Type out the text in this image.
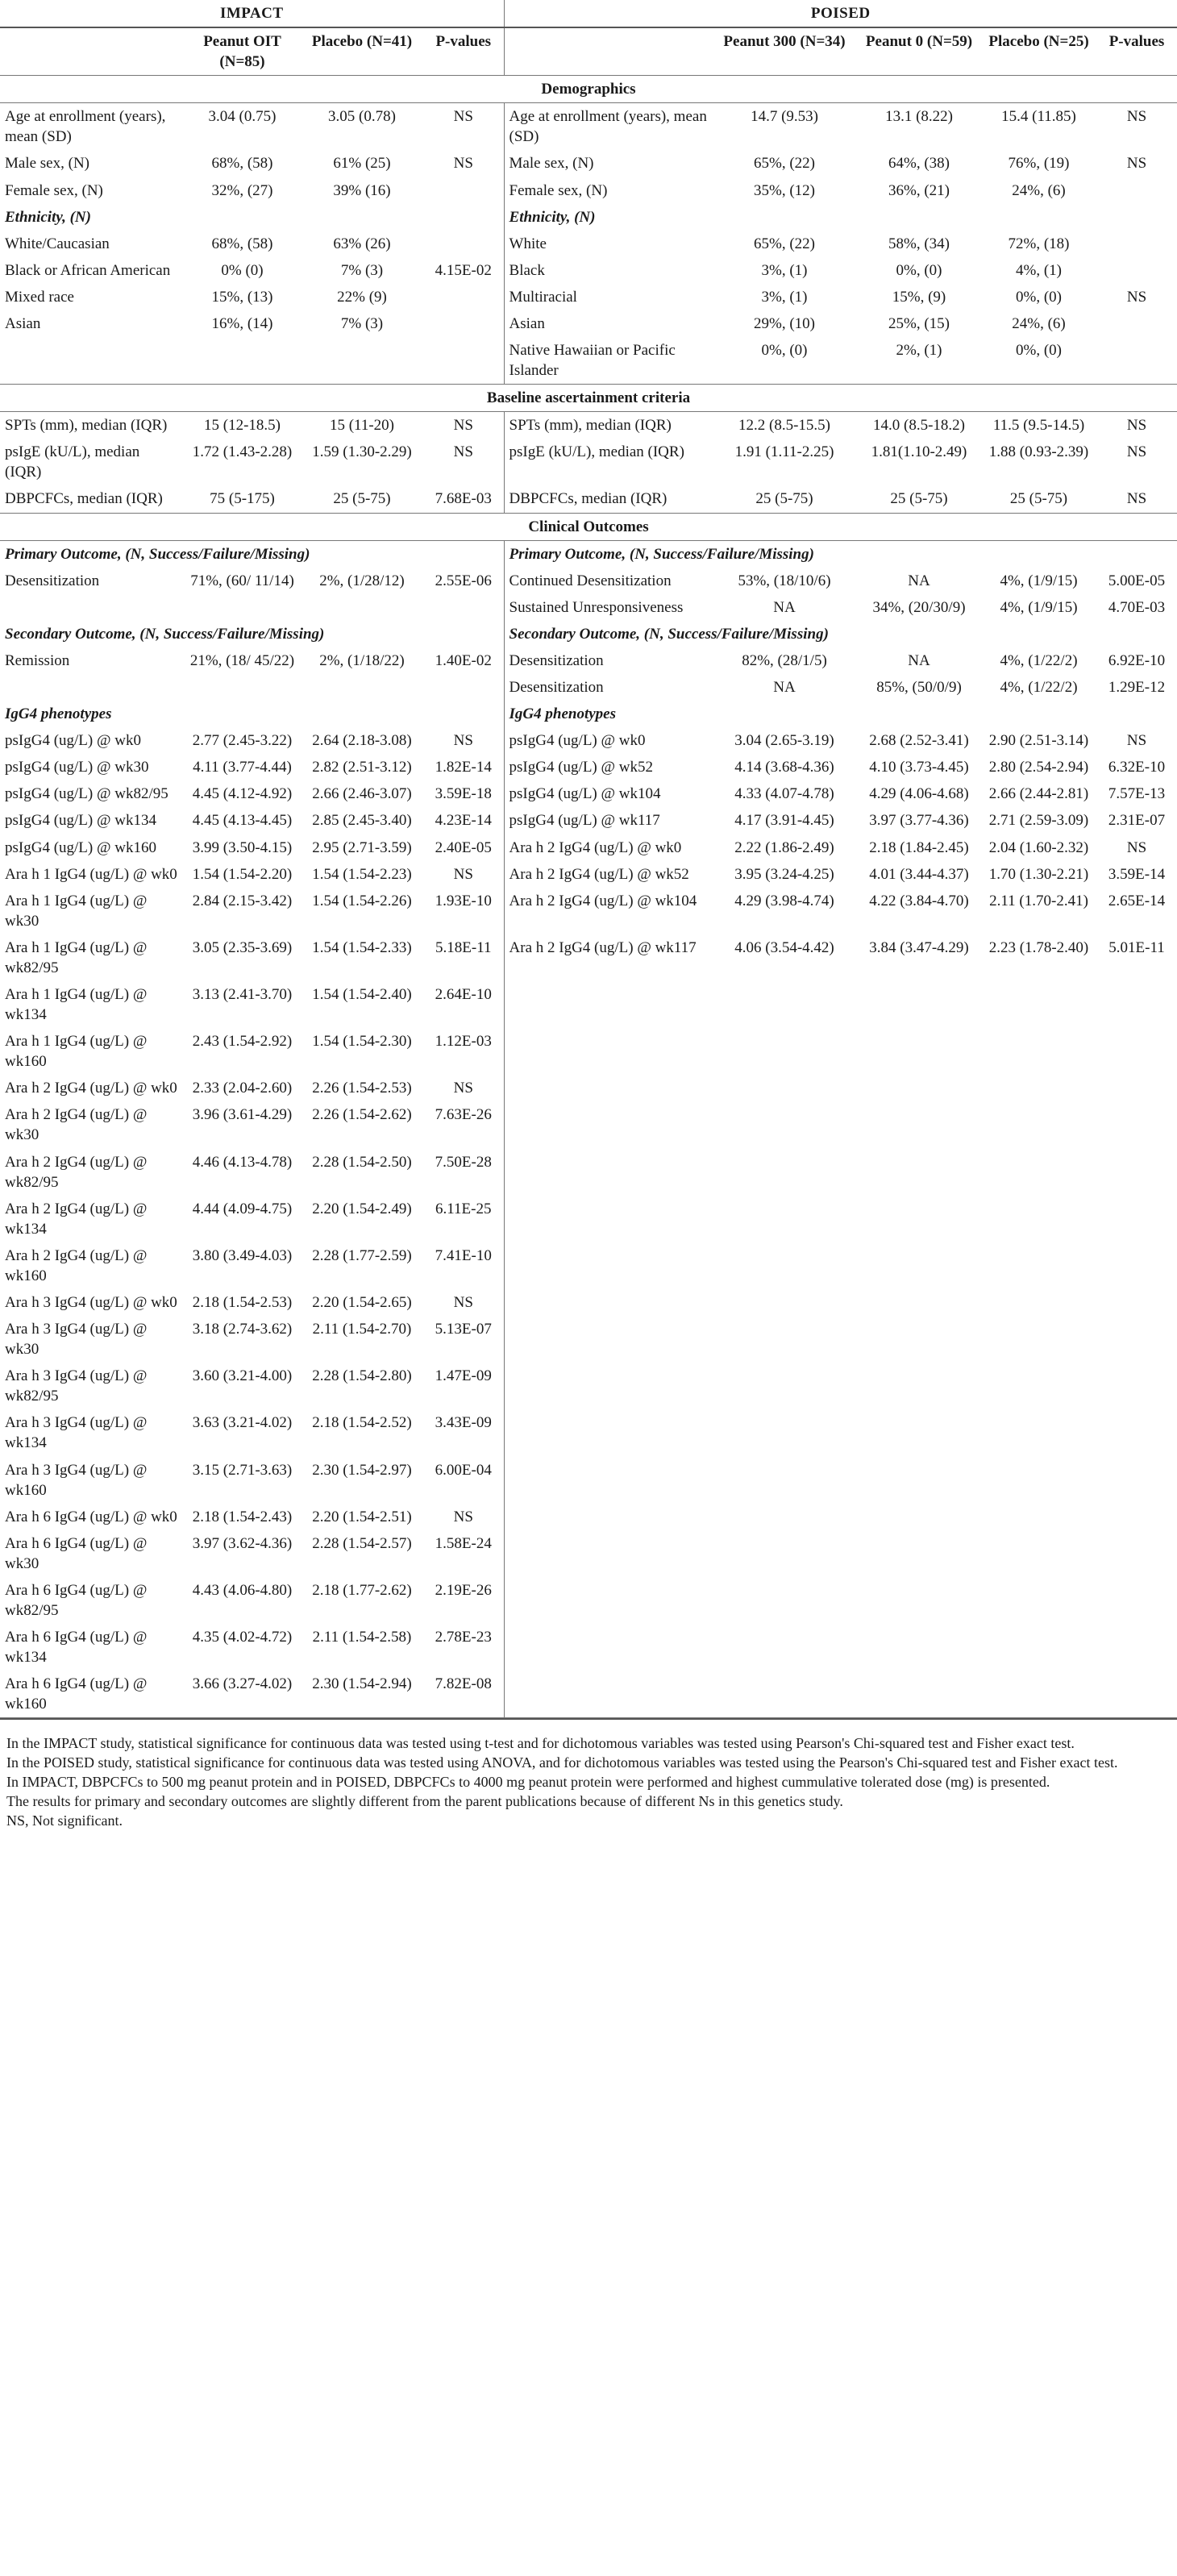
IMPACT				POISED				
	Peanut OIT (N=85)	Placebo (N=41)	P-values		Peanut 300 (N=34)	Peanut 0 (N=59)	Placebo (N=25)	P-values
Demographics								
Age at enrollment (years), mean (SD)	3.04 (0.75)	3.05 (0.78)	NS	Age at enrollment (years), mean (SD)	14.7 (9.53)	13.1 (8.22)	15.4 (11.85)	NS
Male sex, (N)	68%, (58)	61% (25)	NS	Male sex, (N)	65%, (22)	64%, (38)	76%, (19)	NS
Female sex, (N)	32%, (27)	39% (16)		Female sex, (N)	35%, (12)	36%, (21)	24%, (6)	
Ethnicity, (N)				Ethnicity, (N)				
White/Caucasian	68%, (58)	63% (26)		White	65%, (22)	58%, (34)	72%, (18)	
Black or African American	0% (0)	7% (3)	4.15E-02	Black	3%, (1)	0%, (0)	4%, (1)	
Mixed race	15%, (13)	22% (9)		Multiracial	3%, (1)	15%, (9)	0%, (0)	NS
Asian	16%, (14)	7% (3)		Asian	29%, (10)	25%, (15)	24%, (6)	
				Native Hawaiian or Pacific Islander	0%, (0)	2%, (1)	0%, (0)	
Baseline ascertainment criteria								
SPTs (mm), median (IQR)	15 (12-18.5)	15 (11-20)	NS	SPTs (mm), median (IQR)	12.2 (8.5-15.5)	14.0 (8.5-18.2)	11.5 (9.5-14.5)	NS
psIgE (kU/L), median (IQR)	1.72 (1.43-2.28)	1.59 (1.30-2.29)	NS	psIgE (kU/L), median (IQR)	1.91 (1.11-2.25)	1.81(1.10-2.49)	1.88 (0.93-2.39)	NS
DBPCFCs, median (IQR)	75 (5-175)	25 (5-75)	7.68E-03	DBPCFCs, median (IQR)	25 (5-75)	25 (5-75)	25 (5-75)	NS
Clinical Outcomes								
Primary Outcome, (N, Success/Failure/Missing)				Primary Outcome, (N, Success/Failure/Missing)				
Desensitization	71%, (60/ 11/14)	2%, (1/28/12)	2.55E-06	Continued Desensitization	53%, (18/10/6)	NA	4%, (1/9/15)	5.00E-05
				Sustained Unresponsiveness	NA	34%, (20/30/9)	4%, (1/9/15)	4.70E-03
Secondary Outcome, (N, Success/Failure/Missing)				Secondary Outcome, (N, Success/Failure/Missing)				
Remission	21%, (18/ 45/22)	2%, (1/18/22)	1.40E-02	Desensitization	82%, (28/1/5)	NA	4%, (1/22/2)	6.92E-10
				Desensitization	NA	85%, (50/0/9)	4%, (1/22/2)	1.29E-12
IgG4 phenotypes				IgG4 phenotypes				
psIgG4 (ug/L) @ wk0	2.77 (2.45-3.22)	2.64 (2.18-3.08)	NS	psIgG4 (ug/L) @ wk0	3.04 (2.65-3.19)	2.68 (2.52-3.41)	2.90 (2.51-3.14)	NS
psIgG4 (ug/L) @ wk30	4.11 (3.77-4.44)	2.82 (2.51-3.12)	1.82E-14	psIgG4 (ug/L) @ wk52	4.14 (3.68-4.36)	4.10 (3.73-4.45)	2.80 (2.54-2.94)	6.32E-10
psIgG4 (ug/L) @ wk82/95	4.45 (4.12-4.92)	2.66 (2.46-3.07)	3.59E-18	psIgG4 (ug/L) @ wk104	4.33 (4.07-4.78)	4.29 (4.06-4.68)	2.66 (2.44-2.81)	7.57E-13
psIgG4 (ug/L) @ wk134	4.45 (4.13-4.45)	2.85 (2.45-3.40)	4.23E-14	psIgG4 (ug/L) @ wk117	4.17 (3.91-4.45)	3.97 (3.77-4.36)	2.71 (2.59-3.09)	2.31E-07
psIgG4 (ug/L) @ wk160	3.99 (3.50-4.15)	2.95 (2.71-3.59)	2.40E-05	Ara h 2 IgG4 (ug/L) @ wk0	2.22 (1.86-2.49)	2.18 (1.84-2.45)	2.04 (1.60-2.32)	NS
Ara h 1 IgG4 (ug/L) @ wk0	1.54 (1.54-2.20)	1.54 (1.54-2.23)	NS	Ara h 2 IgG4 (ug/L) @ wk52	3.95 (3.24-4.25)	4.01 (3.44-4.37)	1.70 (1.30-2.21)	3.59E-14
Ara h 1 IgG4 (ug/L) @ wk30	2.84 (2.15-3.42)	1.54 (1.54-2.26)	1.93E-10	Ara h 2 IgG4 (ug/L) @ wk104	4.29 (3.98-4.74)	4.22 (3.84-4.70)	2.11 (1.70-2.41)	2.65E-14
Ara h 1 IgG4 (ug/L) @ wk82/95	3.05 (2.35-3.69)	1.54 (1.54-2.33)	5.18E-11	Ara h 2 IgG4 (ug/L) @ wk117	4.06 (3.54-4.42)	3.84 (3.47-4.29)	2.23 (1.78-2.40)	5.01E-11
Ara h 1 IgG4 (ug/L) @ wk134	3.13 (2.41-3.70)	1.54 (1.54-2.40)	2.64E-10					
Ara h 1 IgG4 (ug/L) @ wk160	2.43 (1.54-2.92)	1.54 (1.54-2.30)	1.12E-03					
Ara h 2 IgG4 (ug/L) @ wk0	2.33 (2.04-2.60)	2.26 (1.54-2.53)	NS					
Ara h 2 IgG4 (ug/L) @ wk30	3.96 (3.61-4.29)	2.26 (1.54-2.62)	7.63E-26					
Ara h 2 IgG4 (ug/L) @ wk82/95	4.46 (4.13-4.78)	2.28 (1.54-2.50)	7.50E-28					
Ara h 2 IgG4 (ug/L) @ wk134	4.44 (4.09-4.75)	2.20 (1.54-2.49)	6.11E-25					
Ara h 2 IgG4 (ug/L) @ wk160	3.80 (3.49-4.03)	2.28 (1.77-2.59)	7.41E-10					
Ara h 3 IgG4 (ug/L) @ wk0	2.18 (1.54-2.53)	2.20 (1.54-2.65)	NS					
Ara h 3 IgG4 (ug/L) @ wk30	3.18 (2.74-3.62)	2.11 (1.54-2.70)	5.13E-07					
Ara h 3 IgG4 (ug/L) @ wk82/95	3.60 (3.21-4.00)	2.28 (1.54-2.80)	1.47E-09					
Ara h 3 IgG4 (ug/L) @ wk134	3.63 (3.21-4.02)	2.18 (1.54-2.52)	3.43E-09					
Ara h 3 IgG4 (ug/L) @ wk160	3.15 (2.71-3.63)	2.30 (1.54-2.97)	6.00E-04					
Ara h 6 IgG4 (ug/L) @ wk0	2.18 (1.54-2.43)	2.20 (1.54-2.51)	NS					
Ara h 6 IgG4 (ug/L) @ wk30	3.97 (3.62-4.36)	2.28 (1.54-2.57)	1.58E-24					
Ara h 6 IgG4 (ug/L) @ wk82/95	4.43 (4.06-4.80)	2.18 (1.77-2.62)	2.19E-26					
Ara h 6 IgG4 (ug/L) @ wk134	4.35 (4.02-4.72)	2.11 (1.54-2.58)	2.78E-23					
Ara h 6 IgG4 (ug/L) @ wk160	3.66 (3.27-4.02)	2.30 (1.54-2.94)	7.82E-08					

In the IMPACT study, statistical significance for continuous data was tested using t-test and for dichotomous variables was tested using Pearson's Chi-squared test and Fisher exact test.

In the POISED study, statistical significance for continuous data was tested using ANOVA, and for dichotomous variables was tested using the Pearson's Chi-squared test and Fisher exact test.

In IMPACT, DBPCFCs to 500 mg peanut protein and in POISED, DBPCFCs to 4000 mg peanut protein were performed and highest cummulative tolerated dose (mg) is presented.

The results for primary and secondary outcomes are slightly different from the parent publications because of different Ns in this genetics study.

NS, Not significant.
